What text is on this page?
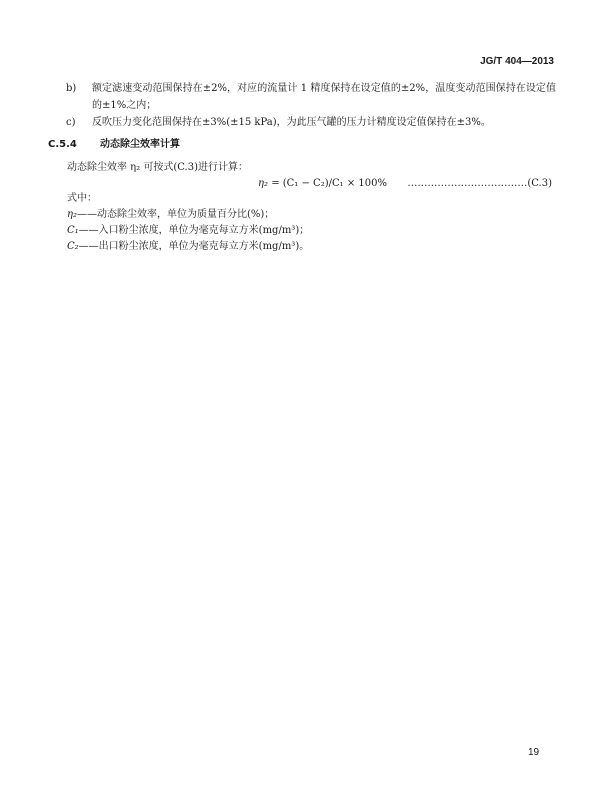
JG/T 404—2013
b) 额定滤速变动范围保持在±2%，对应的流量计 1 精度保持在设定值的±2%，温度变动范围保持在设定值的±1%之内；
c) 反吹压力变化范围保持在±3%(±15 kPa)，为此压气罐的压力计精度设定值保持在±3%。
C.5.4 动态除尘效率计算
动态除尘效率 η₂ 可按式(C.3)进行计算：
η₂ = (C₁ − C₂)/C₁ × 100%	………………………………(C.3)
式中：
η₂——动态除尘效率，单位为质量百分比(%)；
C₁——入口粉尘浓度，单位为毫克每立方米(mg/m³)；
C₂——出口粉尘浓度，单位为毫克每立方米(mg/m³)。
19
